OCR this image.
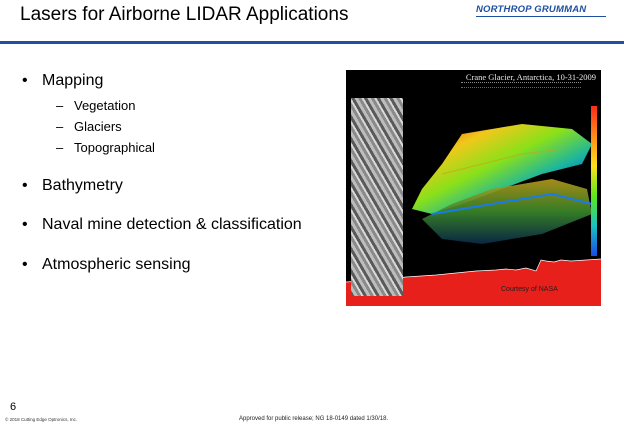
Lasers for Airborne LIDAR Applications	NORTHROP GRUMMAN
• Mapping
– Vegetation
– Glaciers
– Topographical
• Bathymetry
• Naval mine detection & classification
• Atmospheric sensing
Crane Glacier, Antarctica, 10-31-2009
Courtesy of NASA
6
© 2018 Cutting Edge Optronics, Inc.	Approved for public release; NG 18-0149 dated 1/30/18.
